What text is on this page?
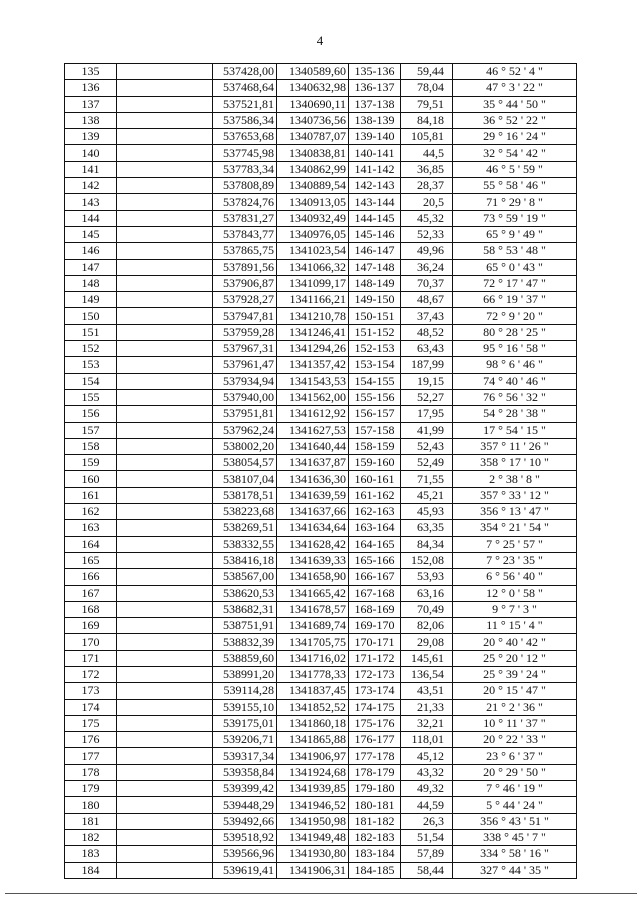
4
135		537428,00	1340589,60	135-136	59,44	46 ° 52 ' 4 "
136		537468,64	1340632,98	136-137	78,04	47 ° 3 ' 22 "
137		537521,81	1340690,11	137-138	79,51	35 ° 44 ' 50 "
138		537586,34	1340736,56	138-139	84,18	36 ° 52 ' 22 "
139		537653,68	1340787,07	139-140	105,81	29 ° 16 ' 24 "
140		537745,98	1340838,81	140-141	44,5	32 ° 54 ' 42 "
141		537783,34	1340862,99	141-142	36,85	46 ° 5 ' 59 "
142		537808,89	1340889,54	142-143	28,37	55 ° 58 ' 46 "
143		537824,76	1340913,05	143-144	20,5	71 ° 29 ' 8 "
144		537831,27	1340932,49	144-145	45,32	73 ° 59 ' 19 "
145		537843,77	1340976,05	145-146	52,33	65 ° 9 ' 49 "
146		537865,75	1341023,54	146-147	49,96	58 ° 53 ' 48 "
147		537891,56	1341066,32	147-148	36,24	65 ° 0 ' 43 "
148		537906,87	1341099,17	148-149	70,37	72 ° 17 ' 47 "
149		537928,27	1341166,21	149-150	48,67	66 ° 19 ' 37 "
150		537947,81	1341210,78	150-151	37,43	72 ° 9 ' 20 "
151		537959,28	1341246,41	151-152	48,52	80 ° 28 ' 25 "
152		537967,31	1341294,26	152-153	63,43	95 ° 16 ' 58 "
153		537961,47	1341357,42	153-154	187,99	98 ° 6 ' 46 "
154		537934,94	1341543,53	154-155	19,15	74 ° 40 ' 46 "
155		537940,00	1341562,00	155-156	52,27	76 ° 56 ' 32 "
156		537951,81	1341612,92	156-157	17,95	54 ° 28 ' 38 "
157		537962,24	1341627,53	157-158	41,99	17 ° 54 ' 15 "
158		538002,20	1341640,44	158-159	52,43	357 ° 11 ' 26 "
159		538054,57	1341637,87	159-160	52,49	358 ° 17 ' 10 "
160		538107,04	1341636,30	160-161	71,55	2 ° 38 ' 8 "
161		538178,51	1341639,59	161-162	45,21	357 ° 33 ' 12 "
162		538223,68	1341637,66	162-163	45,93	356 ° 13 ' 47 "
163		538269,51	1341634,64	163-164	63,35	354 ° 21 ' 54 "
164		538332,55	1341628,42	164-165	84,34	7 ° 25 ' 57 "
165		538416,18	1341639,33	165-166	152,08	7 ° 23 ' 35 "
166		538567,00	1341658,90	166-167	53,93	6 ° 56 ' 40 "
167		538620,53	1341665,42	167-168	63,16	12 ° 0 ' 58 "
168		538682,31	1341678,57	168-169	70,49	9 ° 7 ' 3 "
169		538751,91	1341689,74	169-170	82,06	11 ° 15 ' 4 "
170		538832,39	1341705,75	170-171	29,08	20 ° 40 ' 42 "
171		538859,60	1341716,02	171-172	145,61	25 ° 20 ' 12 "
172		538991,20	1341778,33	172-173	136,54	25 ° 39 ' 24 "
173		539114,28	1341837,45	173-174	43,51	20 ° 15 ' 47 "
174		539155,10	1341852,52	174-175	21,33	21 ° 2 ' 36 "
175		539175,01	1341860,18	175-176	32,21	10 ° 11 ' 37 "
176		539206,71	1341865,88	176-177	118,01	20 ° 22 ' 33 "
177		539317,34	1341906,97	177-178	45,12	23 ° 6 ' 37 "
178		539358,84	1341924,68	178-179	43,32	20 ° 29 ' 50 "
179		539399,42	1341939,85	179-180	49,32	7 ° 46 ' 19 "
180		539448,29	1341946,52	180-181	44,59	5 ° 44 ' 24 "
181		539492,66	1341950,98	181-182	26,3	356 ° 43 ' 51 "
182		539518,92	1341949,48	182-183	51,54	338 ° 45 ' 7 "
183		539566,96	1341930,80	183-184	57,89	334 ° 58 ' 16 "
184		539619,41	1341906,31	184-185	58,44	327 ° 44 ' 35 "
